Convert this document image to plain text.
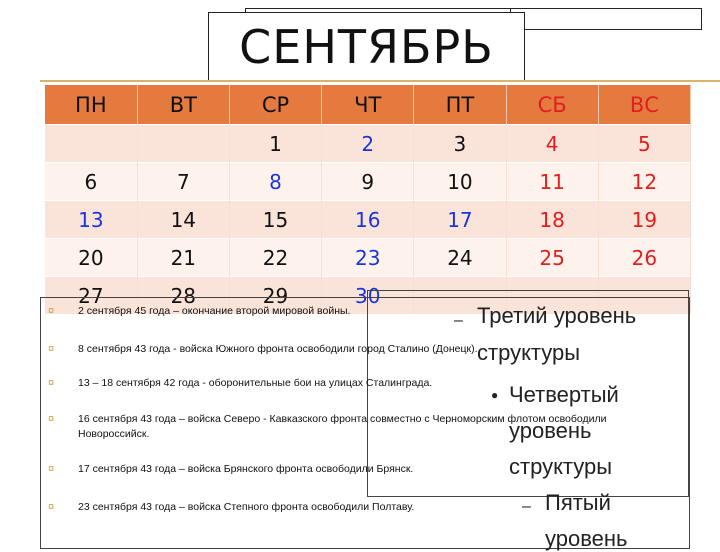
СЕНТЯБРЬ
ПН	ВТ	СР	ЧТ	ПТ	СБ	ВС
		1	2	3	4	5
6	7	8	9	10	11	12
13	14	15	16	17	18	19
20	21	22	23	24	25	26
27	28	29	30			
– Третий уровень
структуры
● Четвертый
уровень
структуры
– Пятый
уровень
¤	2 сентября 45 года – окончание второй мировой войны.
¤	8 сентября 43 года - войска Южного фронта освободили город Сталино (Донецк).
¤	13 – 18 сентября 42 года - оборонительные бои на улицах Сталинграда.
¤	16 сентября 43 года – войска Северо - Кавказского фронта совместно с Черноморским флотом освободили Новороссийск.
¤	17 сентября 43 года – войска Брянского фронта освободили Брянск.
¤	23 сентября 43 года – войска Степного фронта освободили Полтаву.
